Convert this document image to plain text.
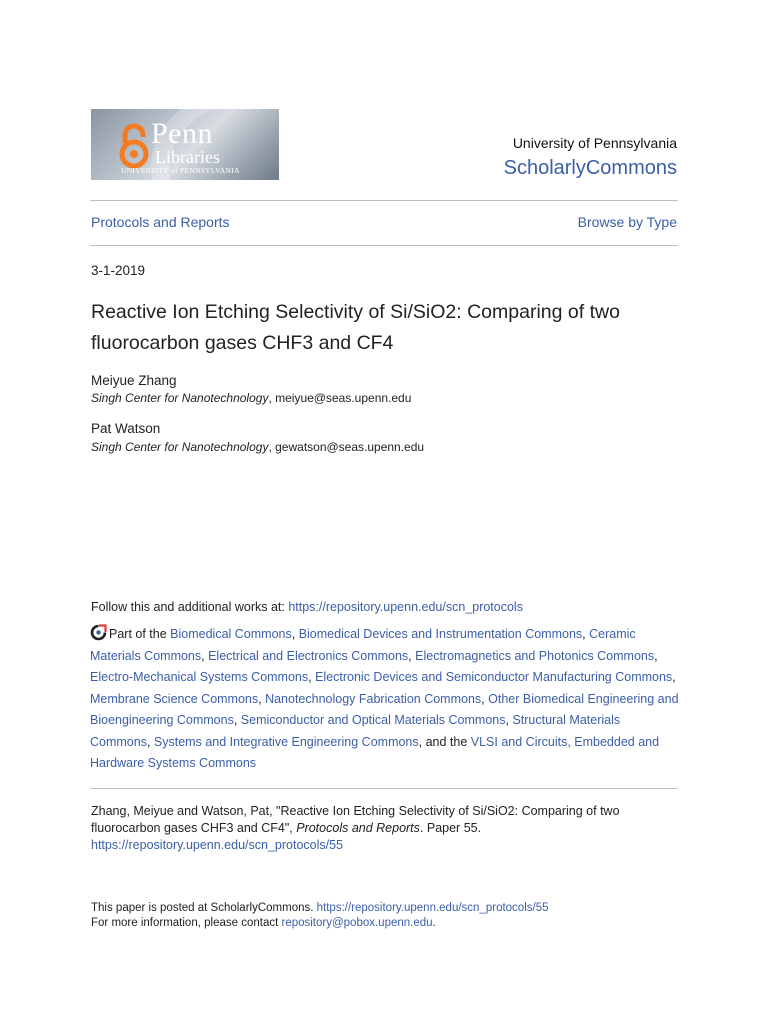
Penn
Libraries
UNIVERSITY of PENNSYLVANIA
University of Pennsylvania
ScholarlyCommons
Protocols and Reports	Browse by Type
3-1-2019
Reactive Ion Etching Selectivity of Si/SiO2: Comparing of two
fluorocarbon gases CHF3 and CF4
Meiyue Zhang
Singh Center for Nanotechnology, meiyue@seas.upenn.edu
Pat Watson
Singh Center for Nanotechnology, gewatson@seas.upenn.edu
Follow this and additional works at: https://repository.upenn.edu/scn_protocols
Part of the Biomedical Commons, Biomedical Devices and Instrumentation Commons, Ceramic Materials Commons, Electrical and Electronics Commons, Electromagnetics and Photonics Commons, Electro-Mechanical Systems Commons, Electronic Devices and Semiconductor Manufacturing Commons, Membrane Science Commons, Nanotechnology Fabrication Commons, Other Biomedical Engineering and Bioengineering Commons, Semiconductor and Optical Materials Commons, Structural Materials Commons, Systems and Integrative Engineering Commons, and the VLSI and Circuits, Embedded and Hardware Systems Commons
Zhang, Meiyue and Watson, Pat, "Reactive Ion Etching Selectivity of Si/SiO2: Comparing of two fluorocarbon gases CHF3 and CF4", Protocols and Reports. Paper 55.
https://repository.upenn.edu/scn_protocols/55
This paper is posted at ScholarlyCommons. https://repository.upenn.edu/scn_protocols/55
For more information, please contact repository@pobox.upenn.edu.
